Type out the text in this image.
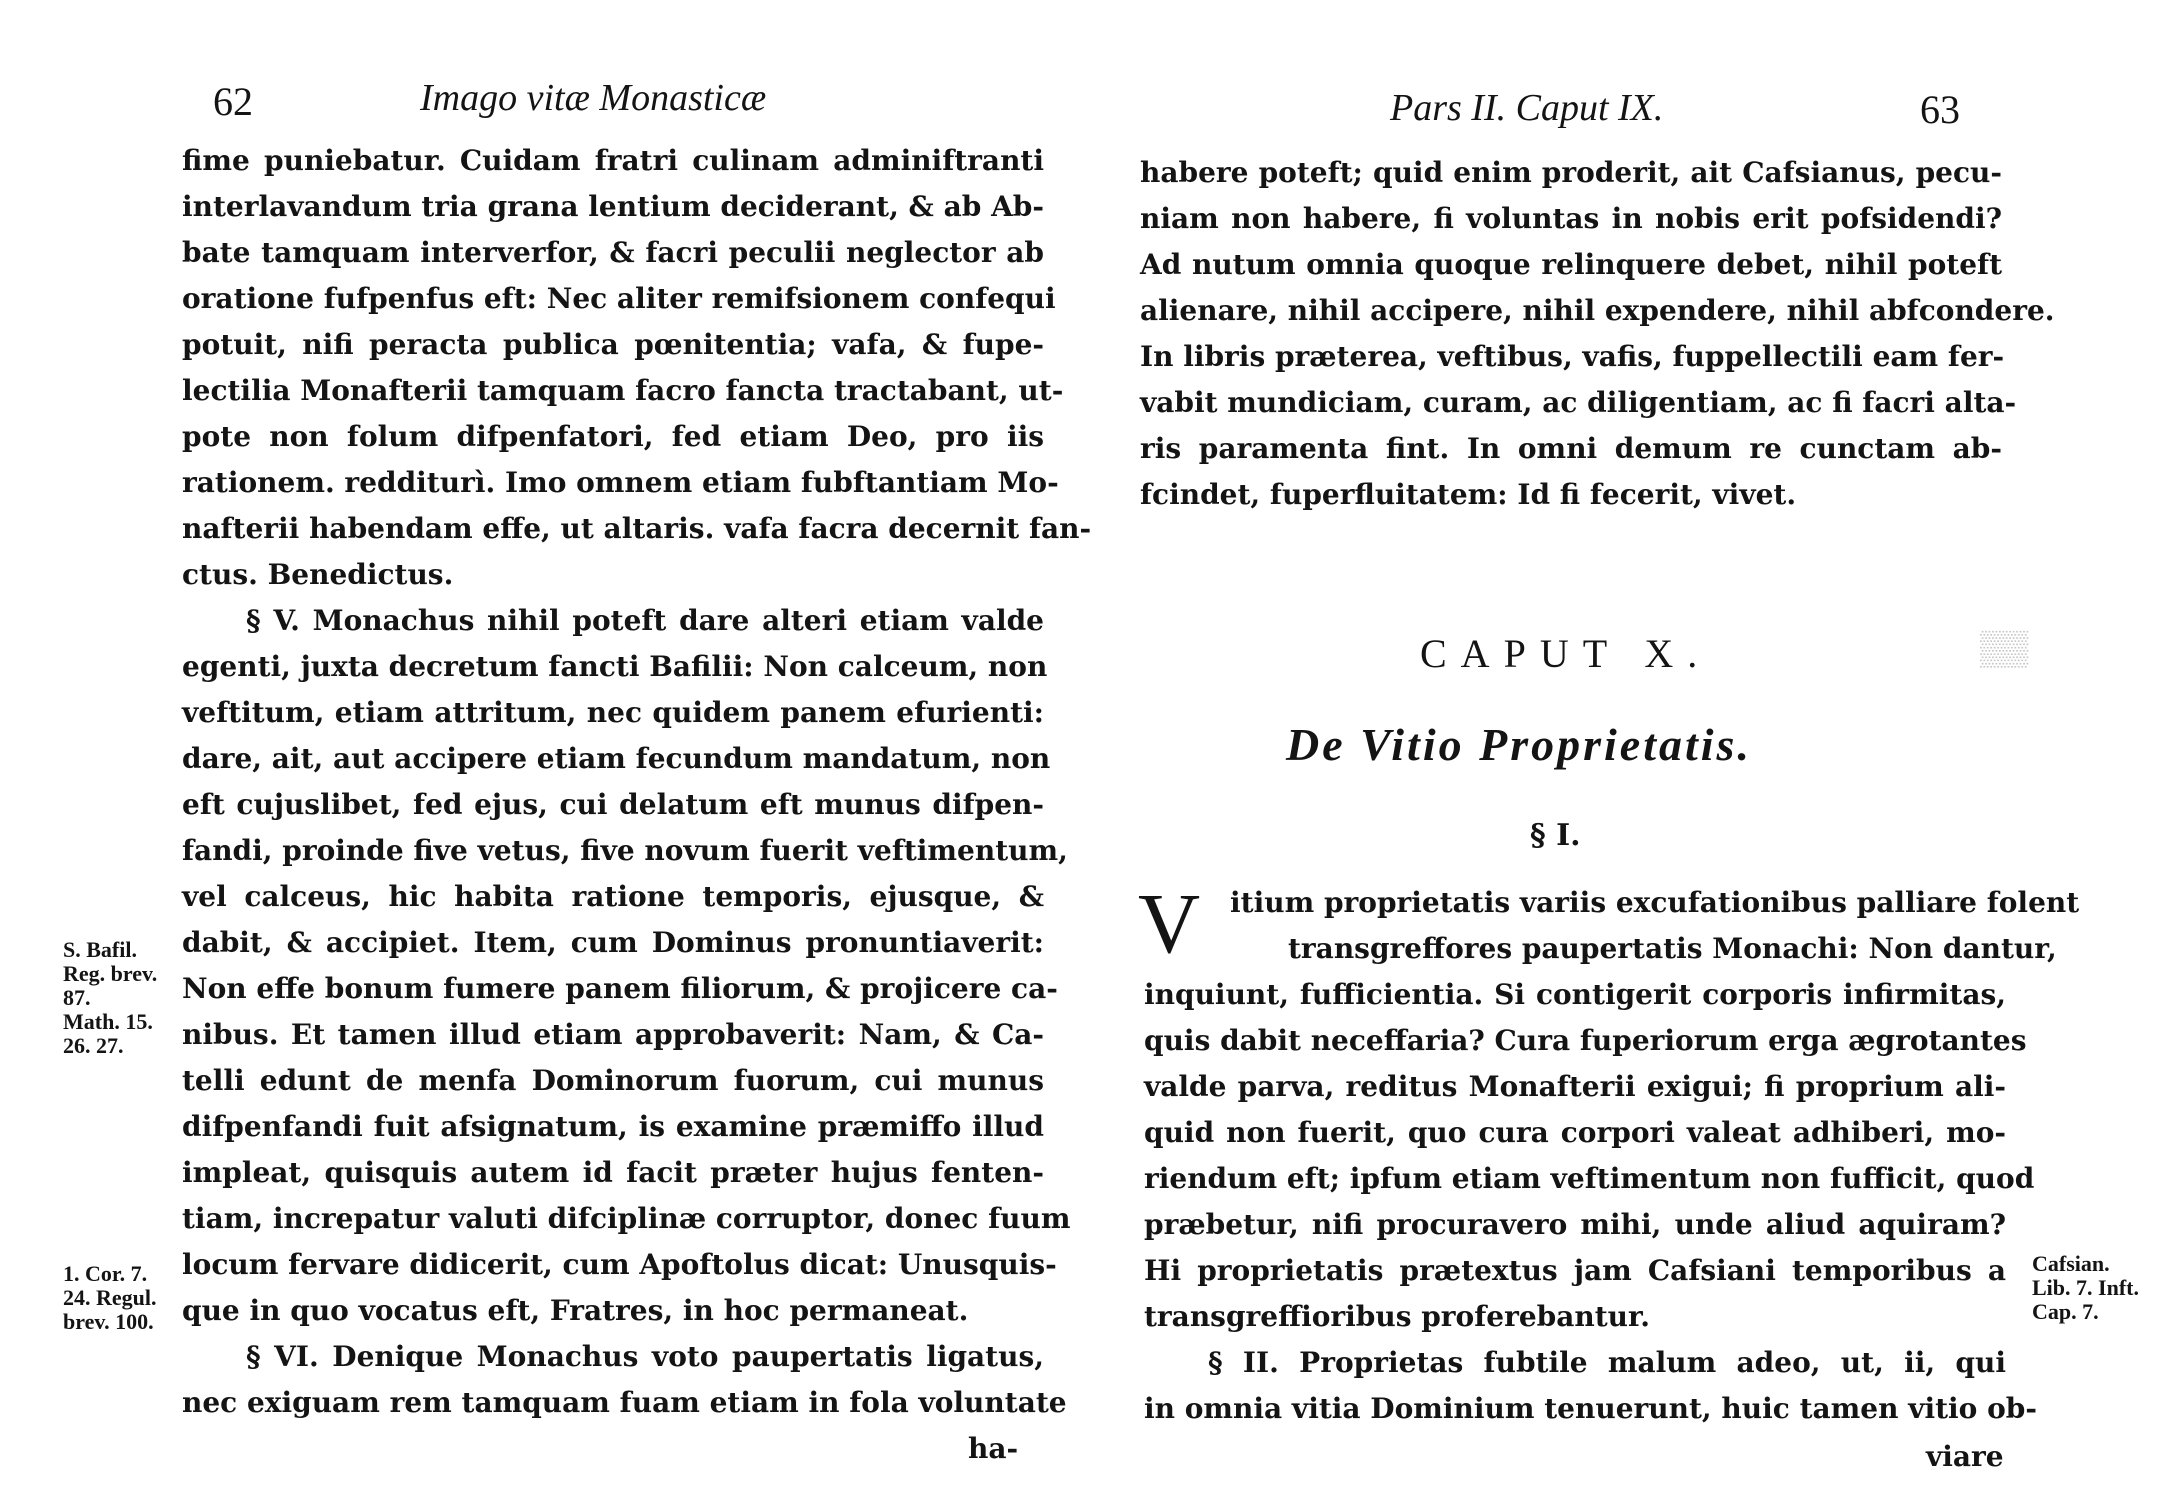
62	Imago vitæ Monasticæ
fime puniebatur. Cuidam fratri culinam adminiftranti
interlavandum tria grana lentium deciderant, & ab Ab-
bate tamquam interverfor, & facri peculii neglector ab
oratione fufpenfus eft: Nec aliter remifsionem confequi
potuit, nifi peracta publica pœnitentia; vafa, & fupe-
lectilia Monafterii tamquam facro fancta tractabant, ut-
pote non folum difpenfatori, fed etiam Deo, pro iis
rationem. redditurì. Imo omnem etiam fubftantiam Mo-
nafterii habendam effe, ut altaris. vafa facra decernit fan-
ctus. Benedictus.
§ V. Monachus nihil poteft dare alteri etiam valde
egenti, juxta decretum fancti Bafilii: Non calceum, non
veftitum, etiam attritum, nec quidem panem efurienti:
dare, ait, aut accipere etiam fecundum mandatum, non
eft cujuslibet, fed ejus, cui delatum eft munus difpen-
fandi, proinde five vetus, five novum fuerit veftimentum,
vel calceus, hic habita ratione temporis, ejusque, &
dabit, & accipiet. Item, cum Dominus pronuntiaverit:
Non effe bonum fumere panem filiorum, & projicere ca-
nibus. Et tamen illud etiam approbaverit: Nam, & Ca-
telli edunt de menfa Dominorum fuorum, cui munus
difpenfandi fuit afsignatum, is examine præmiffo illud
impleat, quisquis autem id facit præter hujus fenten-
tiam, increpatur valuti difciplinæ corruptor, donec fuum
locum fervare didicerit, cum Apoftolus dicat: Unusquis-
que in quo vocatus eft, Fratres, in hoc permaneat.
§ VI. Denique Monachus voto paupertatis ligatus,
nec exiguam rem tamquam fuam etiam in fola voluntate
ha-
S. Bafil.
Reg. brev.
87.
Math. 15.
26. 27.
1. Cor. 7.
24. Regul.
brev. 100.
Pars II. Caput IX.	63
habere poteft; quid enim proderit, ait Cafsianus, pecu-
niam non habere, fi voluntas in nobis erit pofsidendi?
Ad nutum omnia quoque relinquere debet, nihil poteft
alienare, nihil accipere, nihil expendere, nihil abfcondere.
In libris præterea, veftibus, vafis, fuppellectili eam fer-
vabit mundiciam, curam, ac diligentiam, ac fi facri alta-
ris paramenta fint. In omni demum re cunctam ab-
fcindet, fuperfluitatem: Id fi fecerit, vivet.
CAPUT X.	▒▒
De Vitio Proprietatis.
§ I.
V itium proprietatis variis excufationibus palliare folent
transgreffores paupertatis Monachi: Non dantur,
inquiunt, fufficientia. Si contigerit corporis infirmitas,
quis dabit neceffaria? Cura fuperiorum erga ægrotantes
valde parva, reditus Monafterii exigui; fi proprium ali-
quid non fuerit, quo cura corpori valeat adhiberi, mo-
riendum eft; ipfum etiam veftimentum non fufficit, quod
præbetur, nifi procuravero mihi, unde aliud aquiram?
Hi proprietatis prætextus jam Cafsiani temporibus a
transgreffioribus proferebantur.
§ II. Proprietas fubtile malum adeo, ut, ii, qui
in omnia vitia Dominium tenuerunt, huic tamen vitio ob-
viare
Cafsian.
Lib. 7. Inft.
Cap. 7.
